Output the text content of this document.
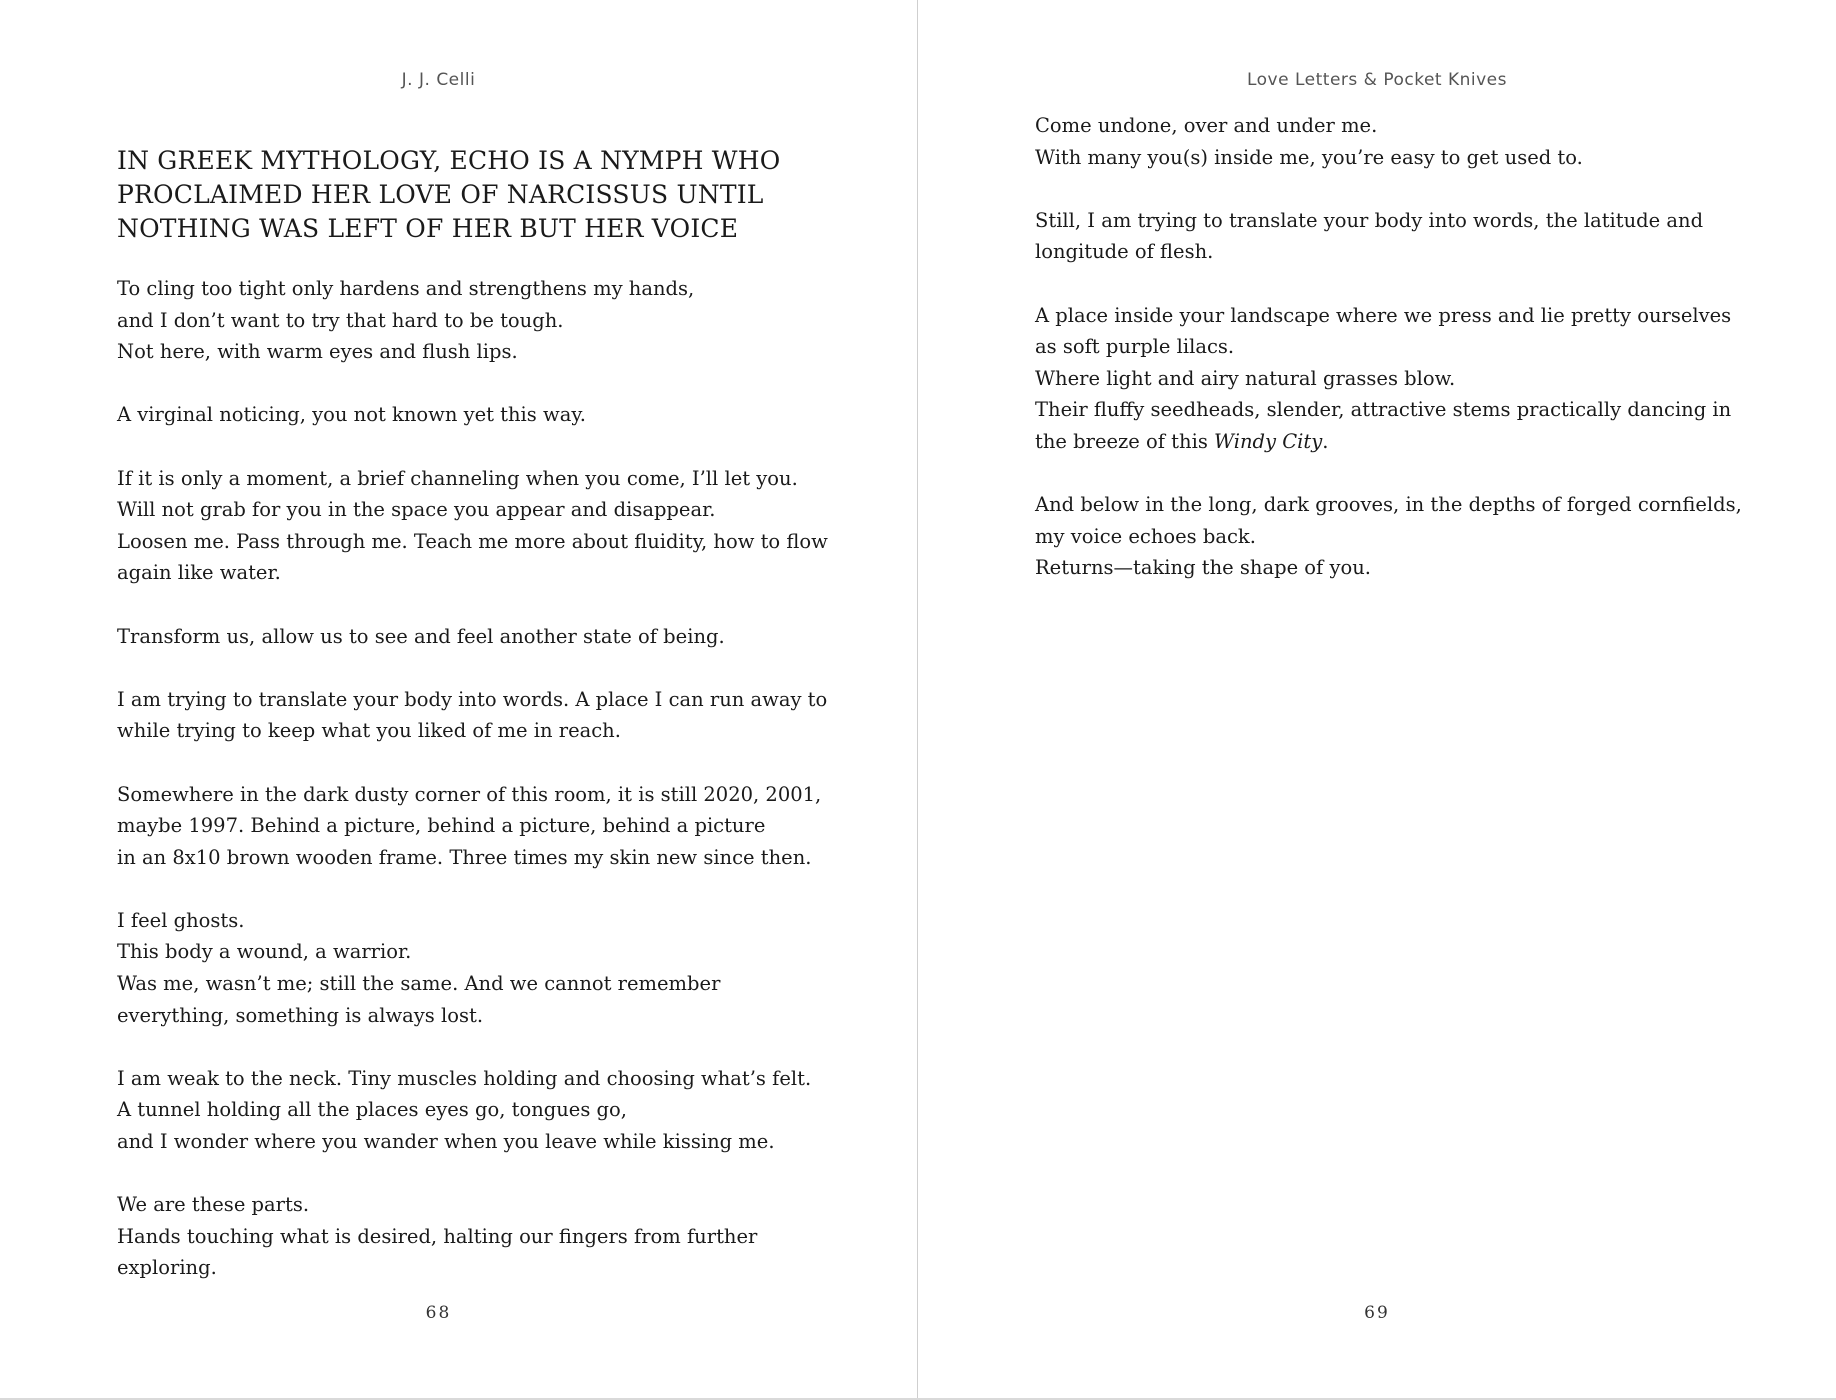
J. J. Celli
IN GREEK MYTHOLOGY, ECHO IS A NYMPH WHO
PROCLAIMED HER LOVE OF NARCISSUS UNTIL
NOTHING WAS LEFT OF HER BUT HER VOICE
To cling too tight only hardens and strengthens my hands,
and I don’t want to try that hard to be tough.
Not here, with warm eyes and flush lips.
A virginal noticing, you not known yet this way.
If it is only a moment, a brief channeling when you come, I’ll let you.
Will not grab for you in the space you appear and disappear.
Loosen me. Pass through me. Teach me more about fluidity, how to flow
again like water.
Transform us, allow us to see and feel another state of being.
I am trying to translate your body into words. A place I can run away to
while trying to keep what you liked of me in reach.
Somewhere in the dark dusty corner of this room, it is still 2020, 2001,
maybe 1997. Behind a picture, behind a picture, behind a picture
in an 8x10 brown wooden frame. Three times my skin new since then.
I feel ghosts.
This body a wound, a warrior.
Was me, wasn’t me; still the same. And we cannot remember
everything, something is always lost.
I am weak to the neck. Tiny muscles holding and choosing what’s felt.
A tunnel holding all the places eyes go, tongues go,
and I wonder where you wander when you leave while kissing me.
We are these parts.
Hands touching what is desired, halting our fingers from further
exploring.
68
Love Letters & Pocket Knives
Come undone, over and under me.
With many you(s) inside me, you’re easy to get used to.
Still, I am trying to translate your body into words, the latitude and
longitude of flesh.
A place inside your landscape where we press and lie pretty ourselves
as soft purple lilacs.
Where light and airy natural grasses blow.
Their fluffy seedheads, slender, attractive stems practically dancing in
the breeze of this Windy City.
And below in the long, dark grooves, in the depths of forged cornfields,
my voice echoes back.
Returns—taking the shape of you.
69
